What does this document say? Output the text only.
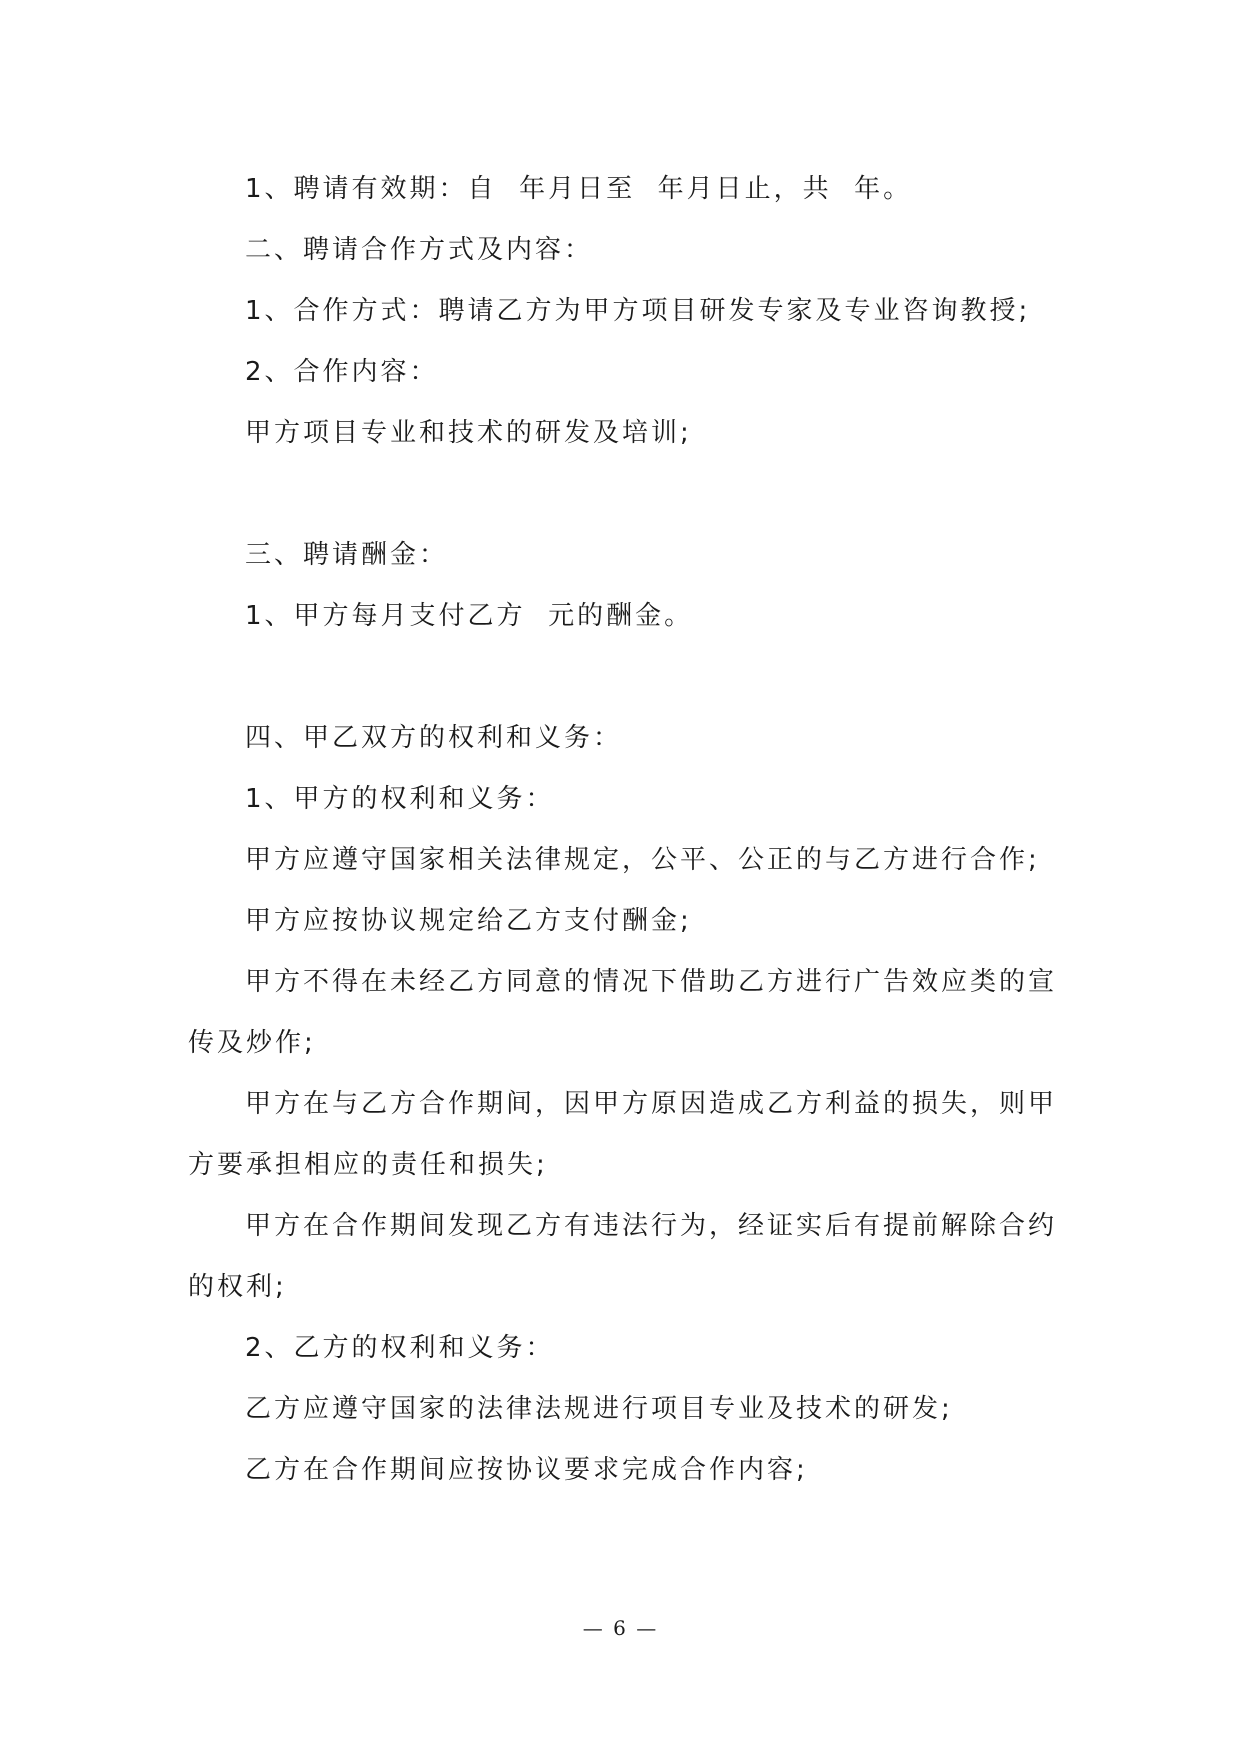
1、聘请有效期：自  年月日至  年月日止，共  年。

二、聘请合作方式及内容：

1、合作方式：聘请乙方为甲方项目研发专家及专业咨询教授;

2、合作内容：

甲方项目专业和技术的研发及培训;

三、聘请酬金：

1、甲方每月支付乙方  元的酬金。

四、甲乙双方的权利和义务：

1、甲方的权利和义务：

甲方应遵守国家相关法律规定，公平、公正的与乙方进行合作;

甲方应按协议规定给乙方支付酬金;

甲方不得在未经乙方同意的情况下借助乙方进行广告效应类的宣传及炒作;

甲方在与乙方合作期间，因甲方原因造成乙方利益的损失，则甲方要承担相应的责任和损失;

甲方在合作期间发现乙方有违法行为，经证实后有提前解除合约的权利;

2、乙方的权利和义务：

乙方应遵守国家的法律法规进行项目专业及技术的研发;

乙方在合作期间应按协议要求完成合作内容;

— 6 —
